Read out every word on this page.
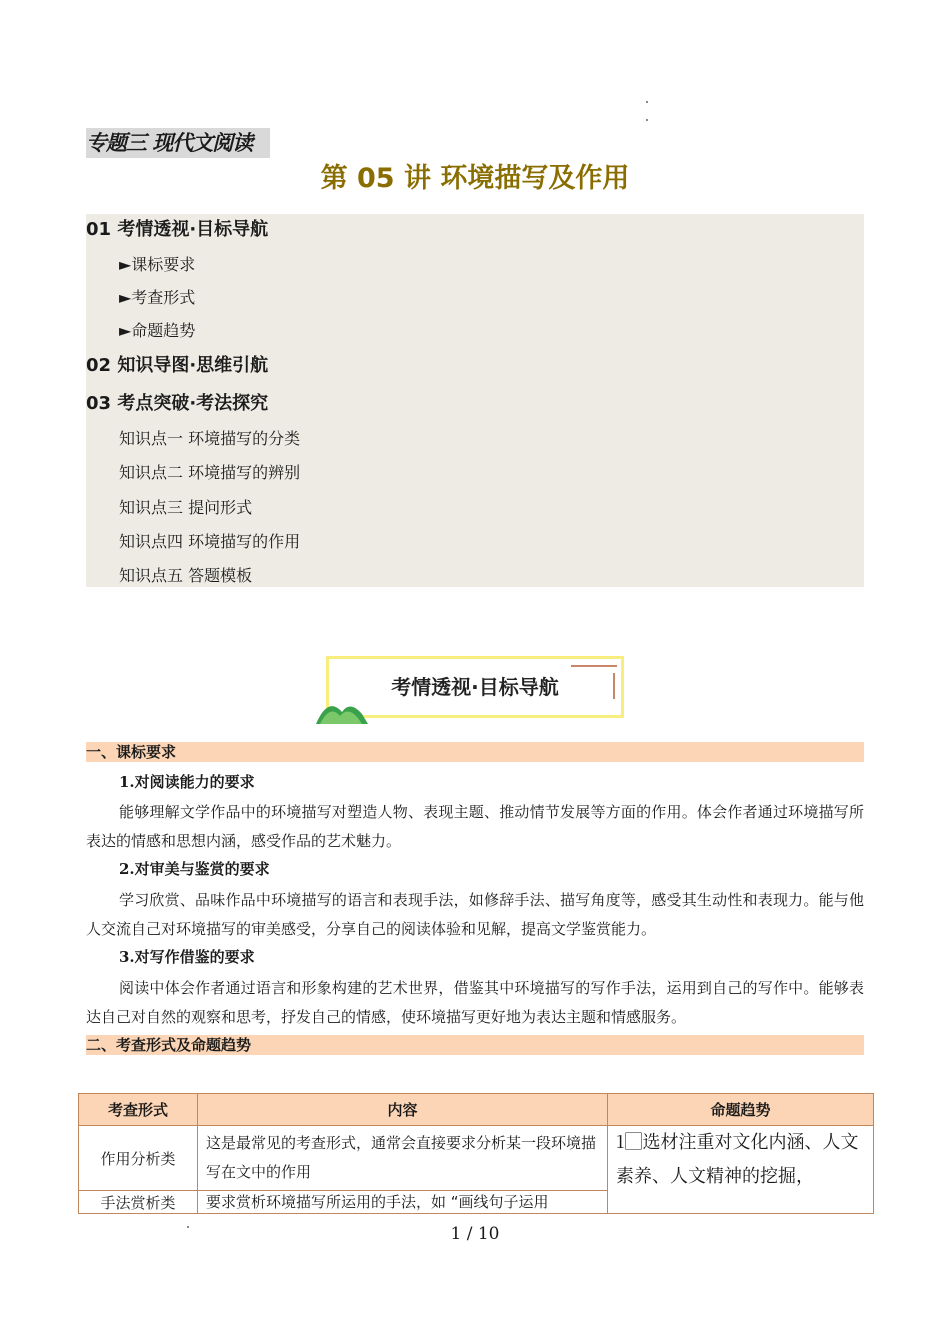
专题三 现代文阅读
第 05 讲 环境描写及作用
01 考情透视·目标导航
►课标要求
►考查形式
►命题趋势
02 知识导图·思维引航
03 考点突破·考法探究
知识点一 环境描写的分类
知识点二 环境描写的辨别
知识点三 提问形式
知识点四 环境描写的作用
知识点五 答题模板
考情透视·目标导航
一、课标要求
1.对阅读能力的要求
能够理解文学作品中的环境描写对塑造人物、表现主题、推动情节发展等方面的作用。体会作者通过环境描写所表达的情感和思想内涵，感受作品的艺术魅力。
2.对审美与鉴赏的要求
学习欣赏、品味作品中环境描写的语言和表现手法，如修辞手法、描写角度等，感受其生动性和表现力。能与他人交流自己对环境描写的审美感受，分享自己的阅读体验和见解，提高文学鉴赏能力。
3.对写作借鉴的要求
阅读中体会作者通过语言和形象构建的艺术世界，借鉴其中环境描写的写作手法，运用到自己的写作中。能够表达自己对自然的观察和思考，抒发自己的情感，使环境描写更好地为表达主题和情感服务。
二、考查形式及命题趋势
考查形式	内容	命题趋势
作用分析类	这是最常见的考查形式，通常会直接要求分析某一段环境描写在文中的作用	1⃞选材注重对文化内涵、人文素养、人文精神的挖掘，
手法赏析类	要求赏析环境描写所运用的手法，如 “画线句子运用	
1 / 10
